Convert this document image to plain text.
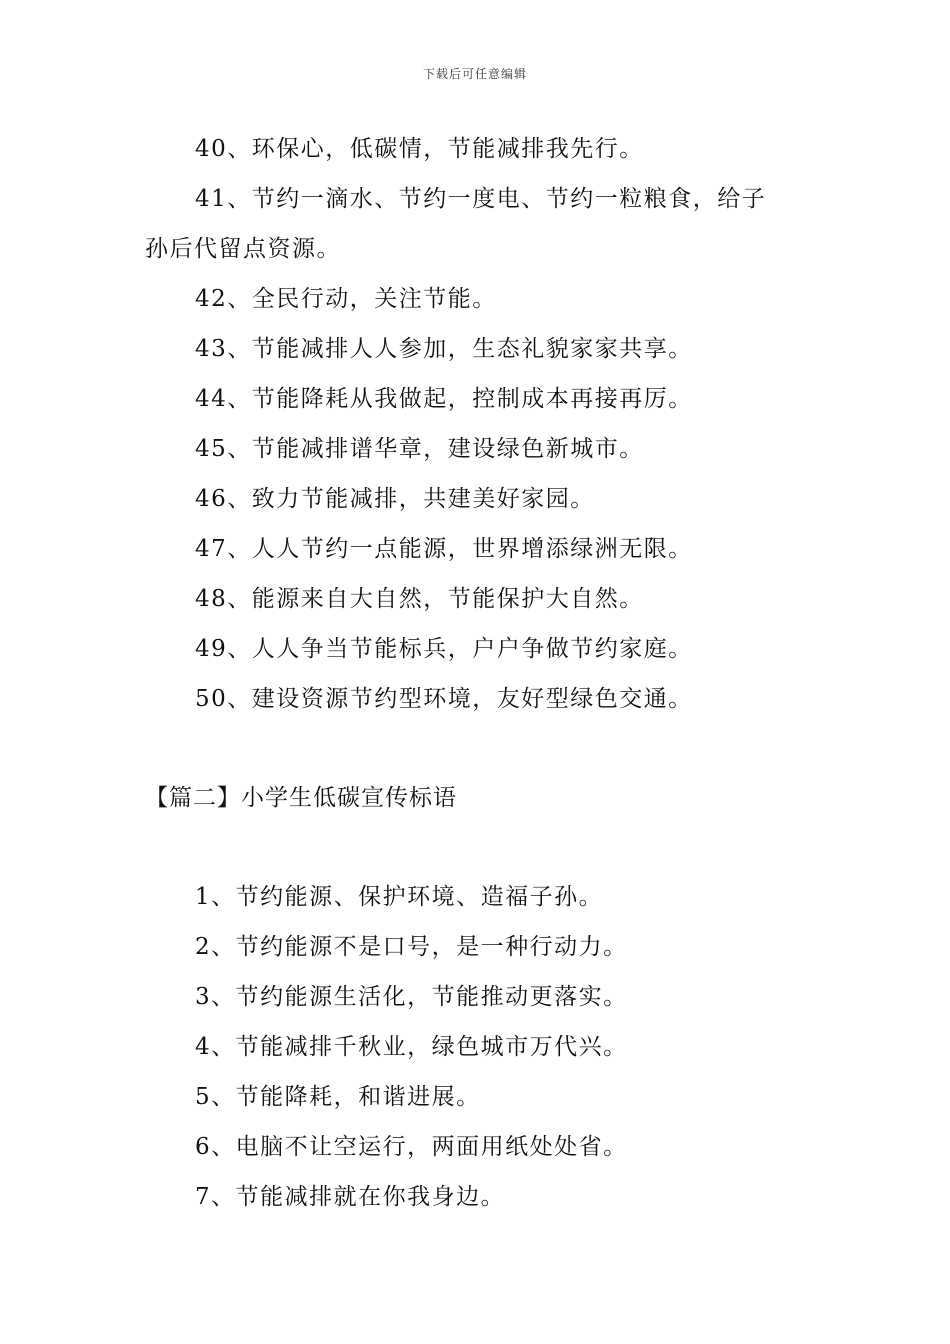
下载后可任意编辑
40、环保心，低碳情，节能减排我先行。
41、节约一滴水、节约一度电、节约一粒粮食，给子
孙后代留点资源。
42、全民行动，关注节能。
43、节能减排人人参加，生态礼貌家家共享。
44、节能降耗从我做起，控制成本再接再厉。
45、节能减排谱华章，建设绿色新城市。
46、致力节能减排，共建美好家园。
47、人人节约一点能源，世界增添绿洲无限。
48、能源来自大自然，节能保护大自然。
49、人人争当节能标兵，户户争做节约家庭。
50、建设资源节约型环境，友好型绿色交通。
【篇二】小学生低碳宣传标语
1、节约能源、保护环境、造福子孙。
2、节约能源不是口号，是一种行动力。
3、节约能源生活化，节能推动更落实。
4、节能减排千秋业，绿色城市万代兴。
5、节能降耗，和谐进展。
6、电脑不让空运行，两面用纸处处省。
7、节能减排就在你我身边。
